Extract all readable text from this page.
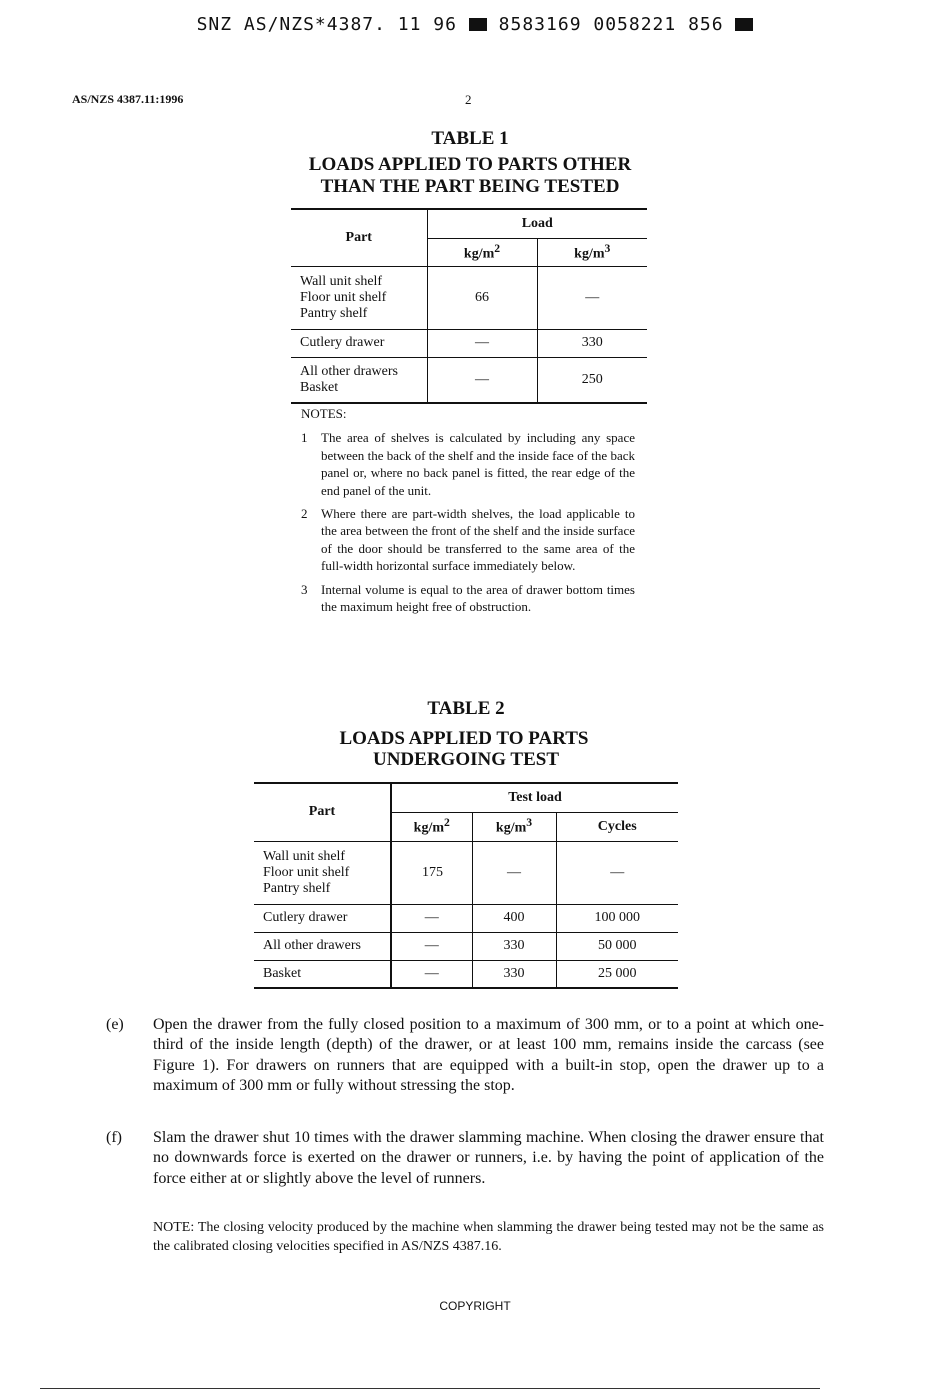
SNZ AS/NZS*4387. 11 96 8583169 0058221 856
AS/NZS 4387.11:1996	2
TABLE 1
LOADS APPLIED TO PARTS OTHER
THAN THE PART BEING TESTED
Part	Load	
	$kg/m^2$	$kg/m^3$

Wall unit shelf
Floor unit shelf
Pantry shelf	66	—
Cutlery drawer	—	330

All other drawers
Basket	—	250
NOTES:
1	The area of shelves is calculated by including any space between the back of the shelf and the inside face of the back panel or, where no back panel is fitted, the rear edge of the end panel of the unit.
2	Where there are part-width shelves, the load applicable to the area between the front of the shelf and the inside surface of the door should be transferred to the same area of the full-width horizontal surface immediately below.
3	Internal volume is equal to the area of drawer bottom times the maximum height free of obstruction.
TABLE 2
LOADS APPLIED TO PARTS
UNDERGOING TEST
Part	Test load		
	$kg/m^2$	$kg/m^3$	Cycles

Wall unit shelf
Floor unit shelf
Pantry shelf	175	—	—
Cutlery drawer	—	400	100 000
All other drawers	—	330	50 000
Basket	—	330	25 000
(e)	Open the drawer from the fully closed position to a maximum of 300 mm, or to a point at which one-third of the inside length (depth) of the drawer, or at least 100 mm, remains inside the carcass (see Figure 1). For drawers on runners that are equipped with a built-in stop, open the drawer up to a maximum of 300 mm or fully without stressing the stop.
(f)	Slam the drawer shut 10 times with the drawer slamming machine. When closing the drawer ensure that no downwards force is exerted on the drawer or runners, i.e. by having the point of application of the force either at or slightly above the level of runners.
NOTE: The closing velocity produced by the machine when slamming the drawer being tested may not be the same as the calibrated closing velocities specified in AS/NZS 4387.16.
COPYRIGHT
